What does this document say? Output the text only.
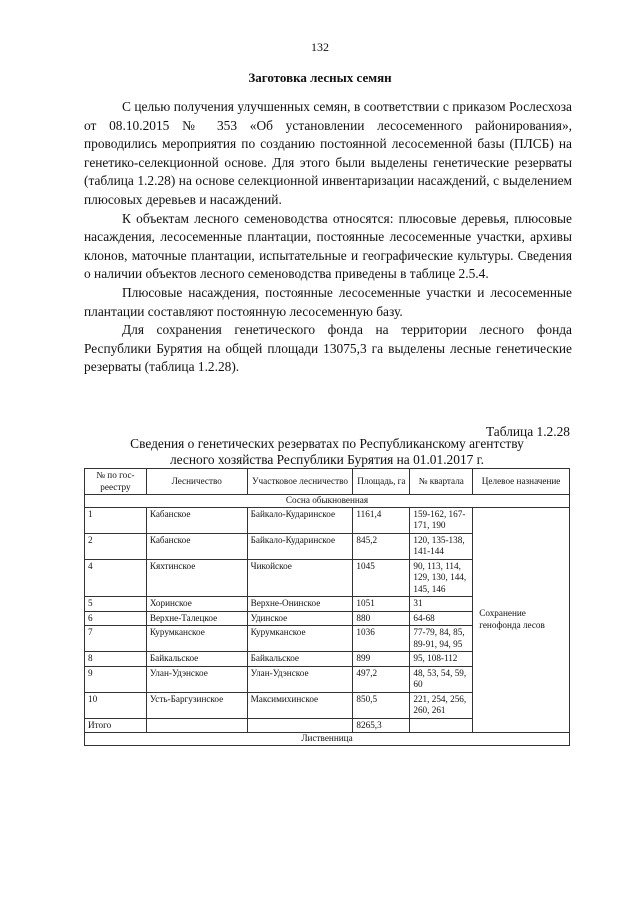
132
Заготовка лесных семян

С целью получения улучшенных семян, в соответствии с приказом Рослесхоза от 08.10.2015 № 353 «Об установлении лесосеменного районирования», проводились мероприятия по созданию постоянной лесосеменной базы (ПЛСБ) на генетико-селекционной основе. Для этого были выделены генетические резерваты (таблица 1.2.28) на основе селекционной инвентаризации насаждений, с выделением плюсовых деревьев и насаждений.

К объектам лесного семеноводства относятся: плюсовые деревья, плюсовые насаждения, лесосеменные плантации, постоянные лесосеменные участки, архивы клонов, маточные плантации, испытательные и географические культуры. Сведения о наличии объектов лесного семеноводства приведены в таблице 2.5.4.

Плюсовые насаждения, постоянные лесосеменные участки и лесосеменные плантации составляют постоянную лесосеменную базу.

Для сохранения генетического фонда на территории лесного фонда Республики Бурятия на общей площади 13075,3 га выделены лесные генетические резерваты (таблица 1.2.28).

Таблица 1.2.28
Сведения о генетических резерватах по Республиканскому агентству
лесного хозяйства Республики Бурятия на 01.01.2017 г.
№ по гос-реестру	Лесничество	Участковое лесничество	Площадь, га	№ квартала	Целевое назначение
Сосна обыкновенная					
1	Кабанское	Байкало-Кударинское	1161,4	159-162, 167-171, 190	Сохранение генофонда лесов
2	Кабанское	Байкало-Кударинское	845,2	120, 135-138, 141-144	
4	Кяхтинское	Чикойское	1045	90, 113, 114, 129, 130, 144, 145, 146	
5	Хоринское	Верхне-Онинское	1051	31	
6	Верхне-Талецкое	Удинское	880	64-68	
7	Курумканское	Курумканское	1036	77-79, 84, 85, 89-91, 94, 95	
8	Байкальское	Байкальское	899	95, 108-112	
9	Улан-Удэнское	Улан-Удэнское	497,2	48, 53, 54, 59, 60	
10	Усть-Баргузинское	Максимихинское	850,5	221, 254, 256, 260, 261	
Итого			8265,3		
Лиственница					
